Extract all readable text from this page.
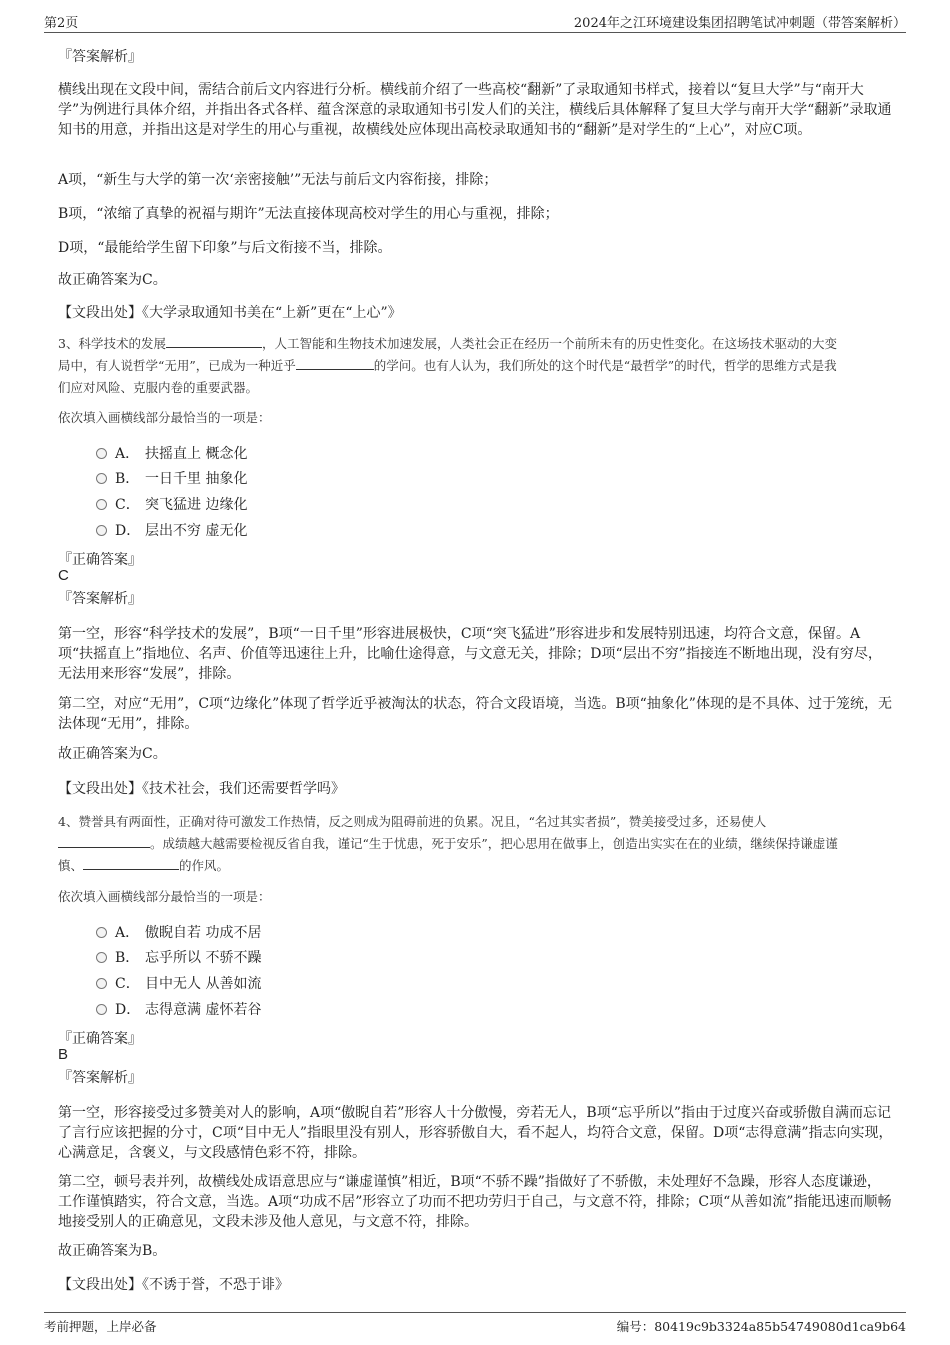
第2页	2024年之江环境建设集团招聘笔试冲刺题（带答案解析）
『答案解析』
横线出现在文段中间，需结合前后文内容进行分析。横线前介绍了一些高校“翻新”了录取通知书样式，接着以“复旦大学”与“南开大学”为例进行具体介绍，并指出各式各样、蕴含深意的录取通知书引发人们的关注，横线后具体解释了复旦大学与南开大学“翻新”录取通知书的用意，并指出这是对学生的用心与重视，故横线处应体现出高校录取通知书的“翻新”是对学生的“上心”，对应C项。
A项，“新生与大学的第一次‘亲密接触’”无法与前后文内容衔接，排除；
B项，“浓缩了真挚的祝福与期许”无法直接体现高校对学生的用心与重视，排除；
D项，“最能给学生留下印象”与后文衔接不当，排除。
故正确答案为C。
【文段出处】《大学录取通知书美在“上新”更在“上心”》
3、科学技术的发展	，人工智能和生物技术加速发展，人类社会正在经历一个前所未有的历史性变化。在这场技术驱动的大变
局中，有人说哲学“无用”，已成为一种近乎	的学问。也有人认为，我们所处的这个时代是“最哲学”的时代，哲学的思维方式是我
们应对风险、克服内卷的重要武器。
依次填入画横线部分最恰当的一项是：
A． 扶摇直上 概念化
B． 一日千里 抽象化
C． 突飞猛进 边缘化
D． 层出不穷 虚无化
『正确答案』
C
『答案解析』
第一空，形容“科学技术的发展”，B项“一日千里”形容进展极快，C项“突飞猛进”形容进步和发展特别迅速，均符合文意，保留。A项“扶摇直上”指地位、名声、价值等迅速往上升，比喻仕途得意，与文意无关，排除；D项“层出不穷”指接连不断地出现，没有穷尽，无法用来形容“发展”，排除。
第二空，对应“无用”，C项“边缘化”体现了哲学近乎被淘汰的状态，符合文段语境，当选。B项“抽象化”体现的是不具体、过于笼统，无法体现“无用”，排除。
故正确答案为C。
【文段出处】《技术社会，我们还需要哲学吗》
4、赞誉具有两面性，正确对待可激发工作热情，反之则成为阻碍前进的负累。况且，“名过其实者损”，赞美接受过多，还易使人
。成绩越大越需要检视反省自我，谨记“生于忧患，死于安乐”，把心思用在做事上，创造出实实在在的业绩，继续保持谦虚谨
慎、	的作风。
依次填入画横线部分最恰当的一项是：
A． 傲睨自若 功成不居
B． 忘乎所以 不骄不躁
C． 目中无人 从善如流
D． 志得意满 虚怀若谷
『正确答案』
B
『答案解析』
第一空，形容接受过多赞美对人的影响，A项“傲睨自若”形容人十分傲慢，旁若无人，B项“忘乎所以”指由于过度兴奋或骄傲自满而忘记了言行应该把握的分寸，C项“目中无人”指眼里没有别人，形容骄傲自大，看不起人，均符合文意，保留。D项“志得意满”指志向实现，心满意足，含褒义，与文段感情色彩不符，排除。
第二空，顿号表并列，故横线处成语意思应与“谦虚谨慎”相近，B项“不骄不躁”指做好了不骄傲，未处理好不急躁，形容人态度谦逊，工作谨慎踏实，符合文意，当选。A项“功成不居”形容立了功而不把功劳归于自己，与文意不符，排除；C项“从善如流”指能迅速而顺畅地接受别人的正确意见，文段未涉及他人意见，与文意不符，排除。
故正确答案为B。
【文段出处】《不诱于誉，不恐于诽》
考前押题，上岸必备	编号：80419c9b3324a85b54749080d1ca9b64
